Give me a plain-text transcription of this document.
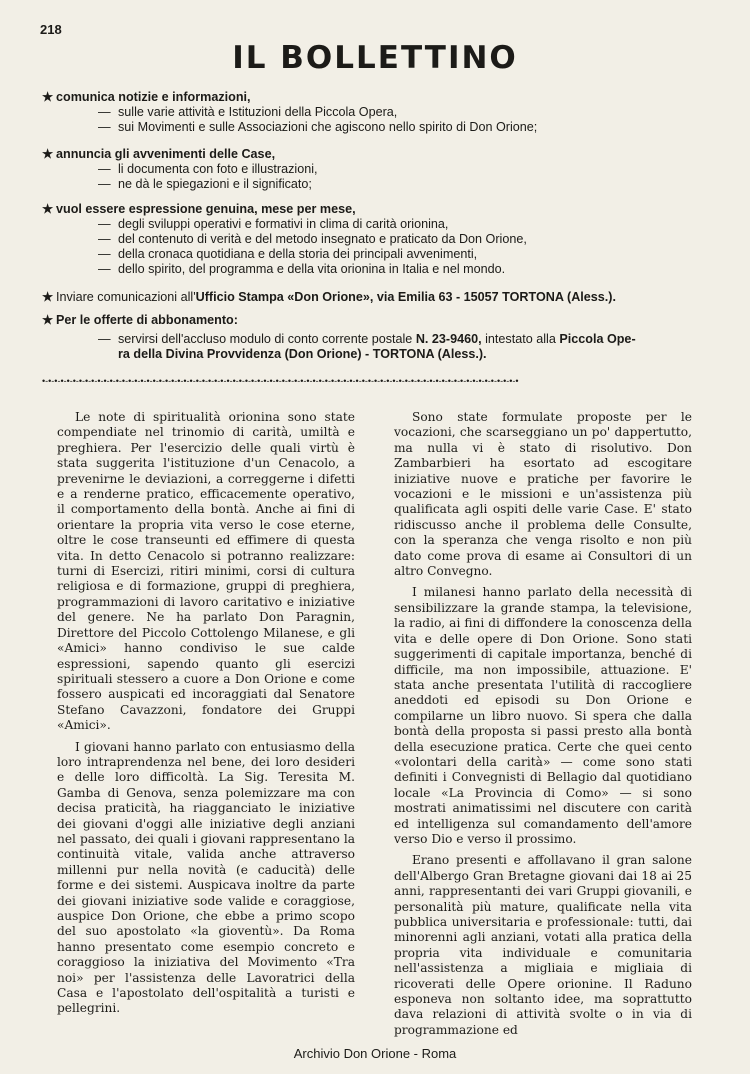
218
IL BOLLETTINO
★ comunica notizie e informazioni,
— sulle varie attività e Istituzioni della Piccola Opera,
— sui Movimenti e sulle Associazioni che agiscono nello spirito di Don Orione;
★ annuncia gli avvenimenti delle Case,
— li documenta con foto e illustrazioni,
— ne dà le spiegazioni e il significato;
★ vuol essere espressione genuina, mese per mese,
— degli sviluppi operativi e formativi in clima di carità orionina,
— del contenuto di verità e del metodo insegnato e praticato da Don Orione,
— della cronaca quotidiana e della storia dei principali avvenimenti,
— dello spirito, del programma e della vita orionina in Italia e nel mondo.
★ Inviare comunicazioni all'Ufficio Stampa «Don Orione», via Emilia 63 - 15057 TORTONA (Aless.).
★ Per le offerte di abbonamento:
— servirsi dell'accluso modulo di conto corrente postale N. 23-9460, intestato alla Piccola Ope-
ra della Divina Provvidenza (Don Orione) - TORTONA (Aless.).
•-•-•-•-•-•-•-•-•-•-•-•-•-•-•-•-•-•-•-•-•-•-•-•-•-•-•-•-•-•-•-•-•-•-•-•-•-•-•-•-•-•-•-•-•-•-•-•-•-•-•-•-•-•-•-•-•-•-•-•-•-•-•-•-•-•-•-•-•-•-•-•-•-•-•-•-•-•

Le note di spiritualità orionina sono state compendiate nel trinomio di carità, umiltà e preghiera. Per l'esercizio delle quali virtù è stata suggerita l'istituzione d'un Cenacolo, a prevenirne le deviazioni, a correggerne i difetti e a renderne pratico, efficacemente operativo, il comportamento della bontà. Anche ai fini di orientare la propria vita verso le cose eterne, oltre le cose transeunti ed effimere di questa vita. In detto Cenacolo si potranno realizzare: turni di Esercizi, ritiri minimi, corsi di cultura religiosa e di formazione, gruppi di preghiera, programmazioni di lavoro caritativo e iniziative del genere. Ne ha parlato Don Paragnin, Direttore del Piccolo Cottolengo Milanese, e gli «Amici» hanno condiviso le sue calde espressioni, sapendo quanto gli esercizi spirituali stessero a cuore a Don Orione e come fossero auspicati ed incoraggiati dal Senatore Stefano Cavazzoni, fondatore dei Gruppi «Amici».

I giovani hanno parlato con entusiasmo della loro intraprendenza nel bene, dei loro desideri e delle loro difficoltà. La Sig. Teresita M. Gamba di Genova, senza polemizzare ma con decisa praticità, ha riagganciato le iniziative dei giovani d'oggi alle iniziative degli anziani nel passato, dei quali i giovani rappresentano la continuità vitale, valida anche attraverso millenni pur nella novità (e caducità) delle forme e dei sistemi. Auspicava inoltre da parte dei giovani iniziative sode valide e coraggiose, auspice Don Orione, che ebbe a primo scopo del suo apostolato «la gioventù». Da Roma hanno presentato come esempio concreto e coraggioso la iniziativa del Movimento «Tra noi» per l'assistenza delle Lavoratrici della Casa e l'apostolato dell'ospitalità a turisti e pellegrini.

Sono state formulate proposte per le vocazioni, che scarseggiano un po' dappertutto, ma nulla vi è stato di risolutivo. Don Zambarbieri ha esortato ad escogitare iniziative nuove e pratiche per favorire le vocazioni e le missioni e un'assistenza più qualificata agli ospiti delle varie Case. E' stato ridiscusso anche il problema delle Consulte, con la speranza che venga risolto e non più dato come prova di esame ai Consultori di un altro Convegno.

I milanesi hanno parlato della necessità di sensibilizzare la grande stampa, la televisione, la radio, ai fini di diffondere la conoscenza della vita e delle opere di Don Orione. Sono stati suggerimenti di capitale importanza, benché di difficile, ma non impossibile, attuazione. E' stata anche presentata l'utilità di raccogliere aneddoti ed episodi su Don Orione e compilarne un libro nuovo. Si spera che dalla bontà della proposta si passi presto alla bontà della esecuzione pratica. Certe che quei cento «volontari della carità» — come sono stati definiti i Convegnisti di Bellagio dal quotidiano locale «La Provincia di Como» — si sono mostrati animatissimi nel discutere con carità ed intelligenza sul comandamento dell'amore verso Dio e verso il prossimo.

Erano presenti e affollavano il gran salone dell'Albergo Gran Bretagne giovani dai 18 ai 25 anni, rappresentanti dei vari Gruppi giovanili, e personalità più mature, qualificate nella vita pubblica universitaria e professionale: tutti, dai minorenni agli anziani, votati alla pratica della propria vita individuale e comunitaria nell'assistenza a migliaia e migliaia di ricoverati delle Opere orionine. Il Raduno esponeva non soltanto idee, ma soprattutto dava relazioni di attività svolte o in via di programmazione ed

Archivio Don Orione - Roma
